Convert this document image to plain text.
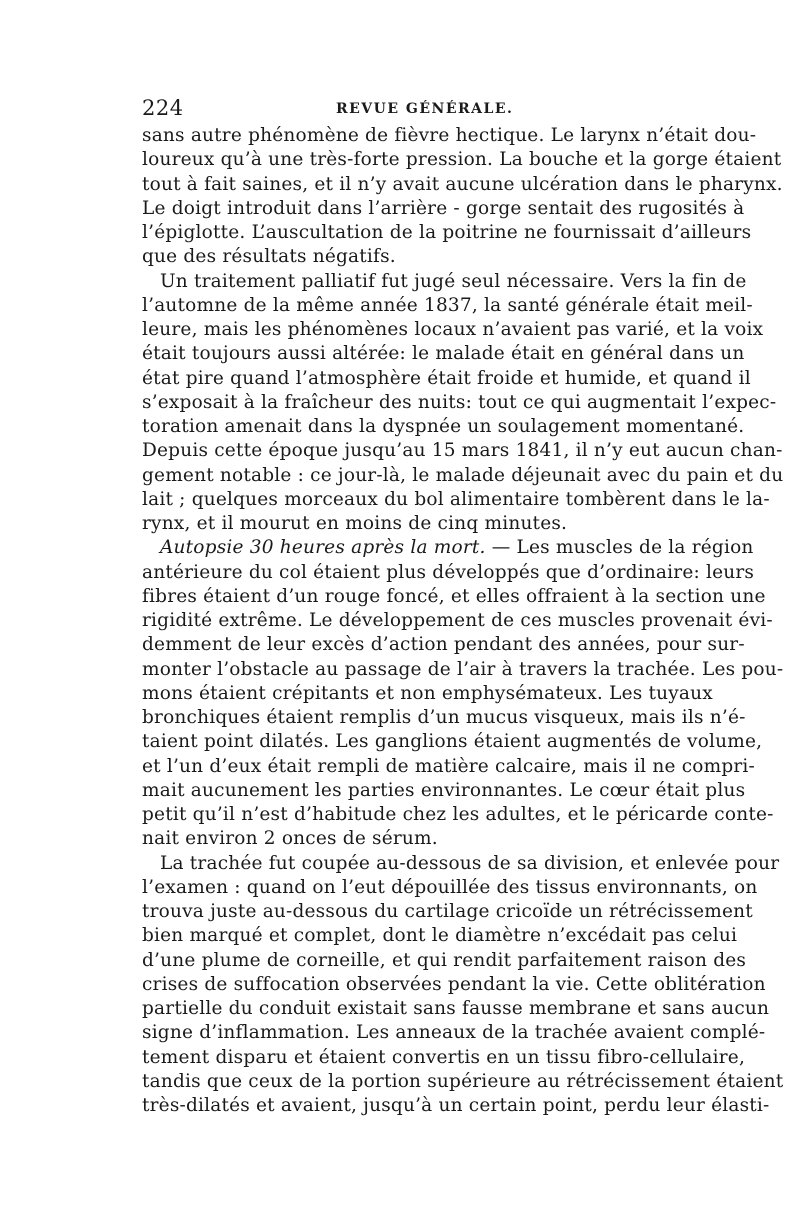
224	REVUE GÉNÉRALE.
sans autre phénomène de fièvre hectique. Le larynx n’était dou-
loureux qu’à une très-forte pression. La bouche et la gorge étaient
tout à fait saines, et il n’y avait aucune ulcération dans le pharynx.
Le doigt introduit dans l’arrière - gorge sentait des rugosités à
l’épiglotte. L’auscultation de la poitrine ne fournissait d’ailleurs
que des résultats négatifs.
Un traitement palliatif fut jugé seul nécessaire. Vers la fin de
l’automne de la même année 1837, la santé générale était meil-
leure, mais les phénomènes locaux n’avaient pas varié, et la voix
était toujours aussi altérée: le malade était en général dans un
état pire quand l’atmosphère était froide et humide, et quand il
s’exposait à la fraîcheur des nuits: tout ce qui augmentait l’expec-
toration amenait dans la dyspnée un soulagement momentané.
Depuis cette époque jusqu’au 15 mars 1841, il n’y eut aucun chan-
gement notable : ce jour-là, le malade déjeunait avec du pain et du
lait ; quelques morceaux du bol alimentaire tombèrent dans le la-
rynx, et il mourut en moins de cinq minutes.
Autopsie 30 heures après la mort. — Les muscles de la région
antérieure du col étaient plus développés que d’ordinaire: leurs
fibres étaient d’un rouge foncé, et elles offraient à la section une
rigidité extrême. Le développement de ces muscles provenait évi-
demment de leur excès d’action pendant des années, pour sur-
monter l’obstacle au passage de l’air à travers la trachée. Les pou-
mons étaient crépitants et non emphysémateux. Les tuyaux
bronchiques étaient remplis d’un mucus visqueux, mais ils n’é-
taient point dilatés. Les ganglions étaient augmentés de volume,
et l’un d’eux était rempli de matière calcaire, mais il ne compri-
mait aucunement les parties environnantes. Le cœur était plus
petit qu’il n’est d’habitude chez les adultes, et le péricarde conte-
nait environ 2 onces de sérum.
La trachée fut coupée au-dessous de sa division, et enlevée pour
l’examen : quand on l’eut dépouillée des tissus environnants, on
trouva juste au-dessous du cartilage cricoïde un rétrécissement
bien marqué et complet, dont le diamètre n’excédait pas celui
d’une plume de corneille, et qui rendit parfaitement raison des
crises de suffocation observées pendant la vie. Cette oblitération
partielle du conduit existait sans fausse membrane et sans aucun
signe d’inflammation. Les anneaux de la trachée avaient complé-
tement disparu et étaient convertis en un tissu fibro-cellulaire,
tandis que ceux de la portion supérieure au rétrécissement étaient
très-dilatés et avaient, jusqu’à un certain point, perdu leur élasti-
